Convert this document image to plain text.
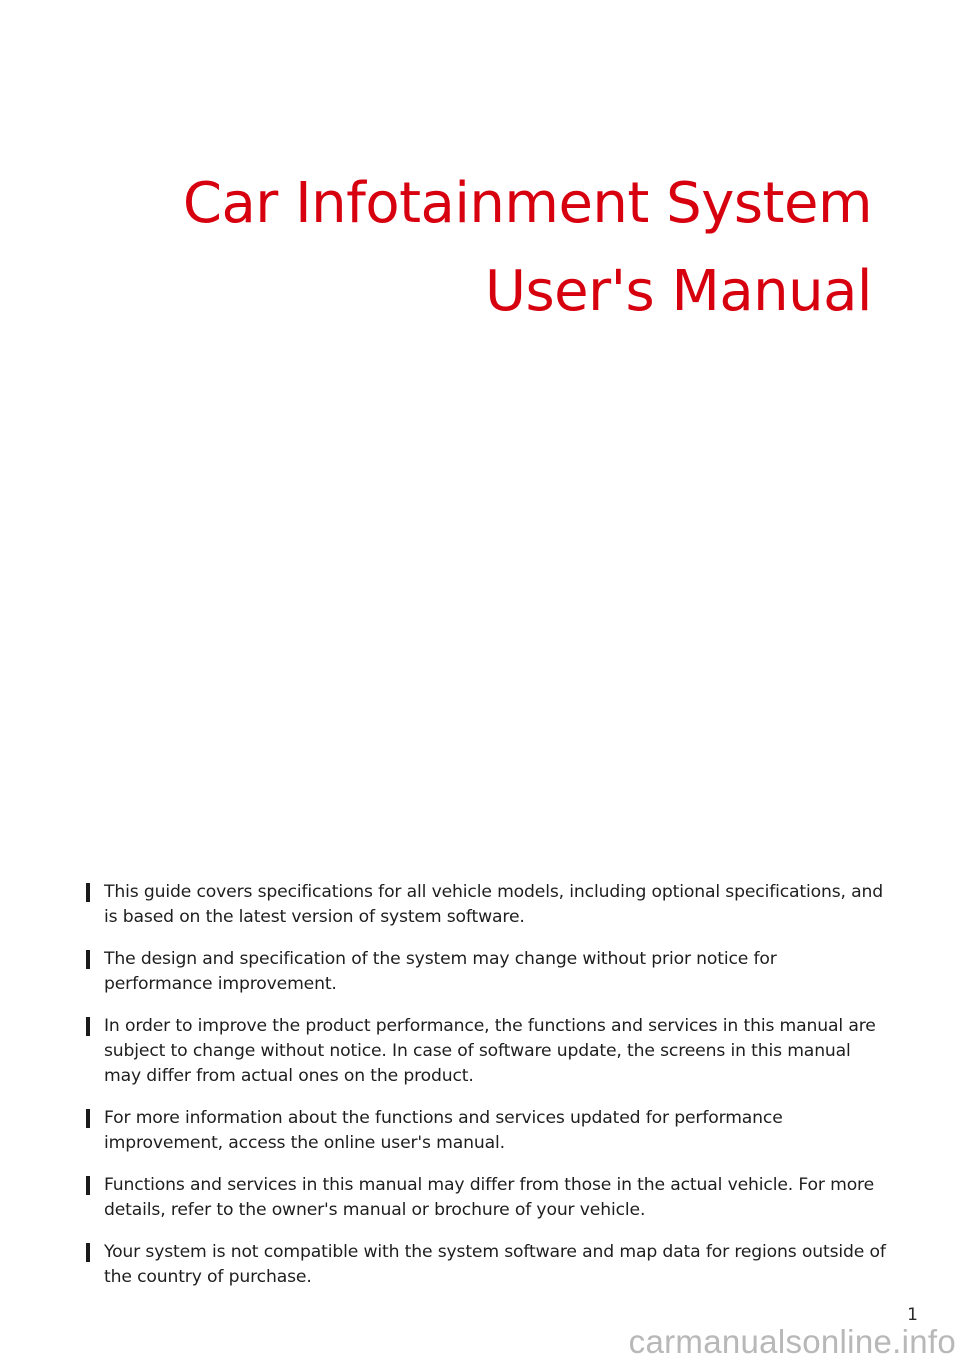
Car Infotainment System
User's Manual
This guide covers specifications for all vehicle models, including optional specifications, and is based on the latest version of system software.
The design and specification of the system may change without prior notice for performance improvement.
In order to improve the product performance, the functions and services in this manual are subject to change without notice. In case of software update, the screens in this manual may differ from actual ones on the product.
For more information about the functions and services updated for performance improvement, access the online user's manual.
Functions and services in this manual may differ from those in the actual vehicle. For more details, refer to the owner's manual or brochure of your vehicle.
Your system is not compatible with the system software and map data for regions outside of the country of purchase.
1
carmanualsonline.info
